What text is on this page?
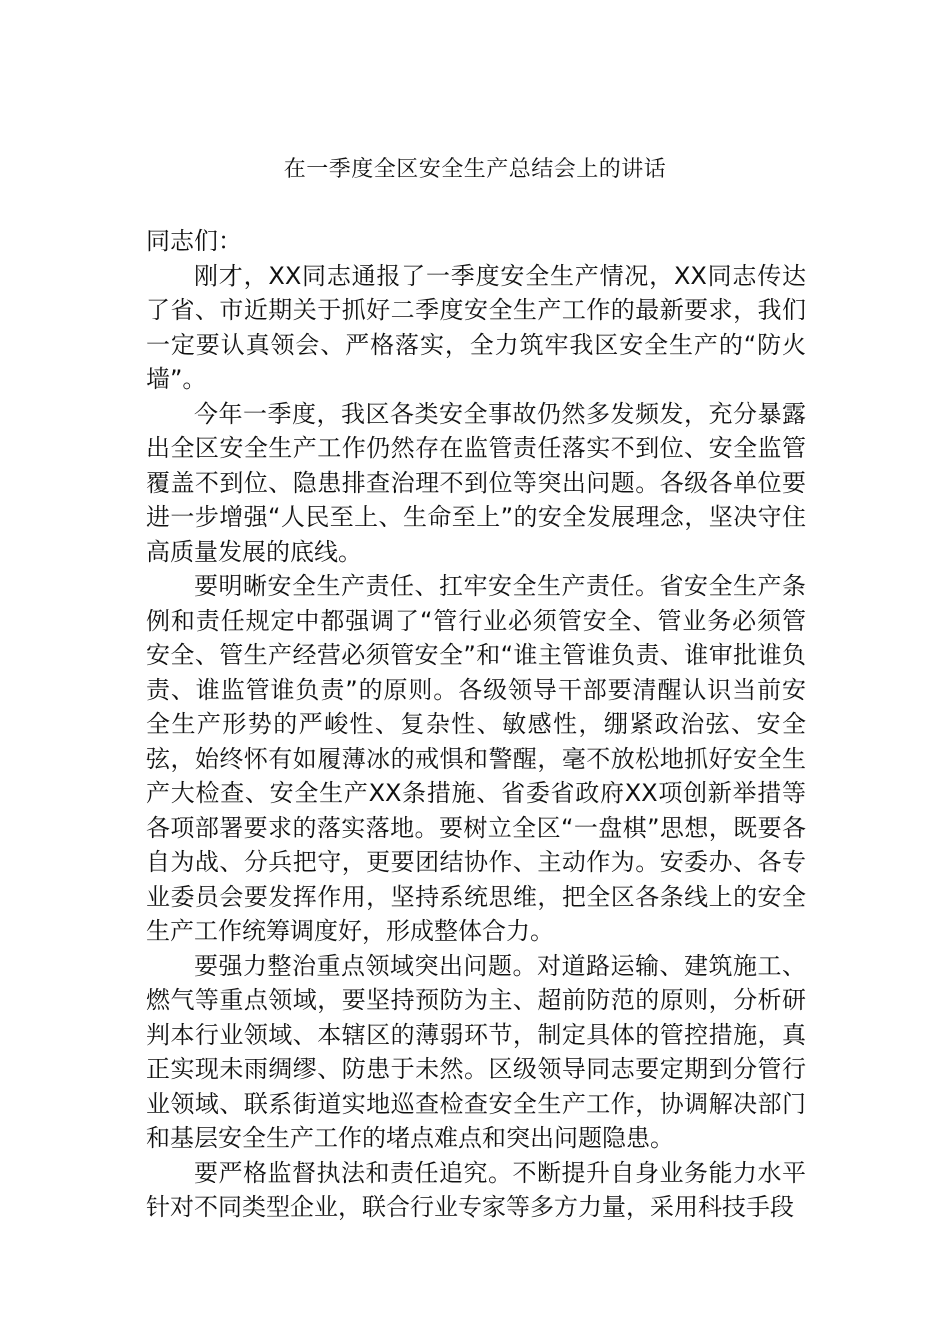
在一季度全区安全生产总结会上的讲话

同志们：

刚才，XX同志通报了一季度安全生产情况，XX同志传达了省、市近期关于抓好二季度安全生产工作的最新要求，我们一定要认真领会、严格落实，全力筑牢我区安全生产的“防火墙”。

今年一季度，我区各类安全事故仍然多发频发，充分暴露出全区安全生产工作仍然存在监管责任落实不到位、安全监管覆盖不到位、隐患排查治理不到位等突出问题。各级各单位要进一步增强“人民至上、生命至上”的安全发展理念，坚决守住高质量发展的底线。

要明晰安全生产责任、扛牢安全生产责任。省安全生产条例和责任规定中都强调了“管行业必须管安全、管业务必须管安全、管生产经营必须管安全”和“谁主管谁负责、谁审批谁负责、谁监管谁负责”的原则。各级领导干部要清醒认识当前安全生产形势的严峻性、复杂性、敏感性，绷紧政治弦、安全弦，始终怀有如履薄冰的戒惧和警醒，毫不放松地抓好安全生产大检查、安全生产XX条措施、省委省政府XX项创新举措等各项部署要求的落实落地。要树立全区“一盘棋”思想，既要各自为战、分兵把守，更要团结协作、主动作为。安委办、各专业委员会要发挥作用，坚持系统思维，把全区各条线上的安全生产工作统筹调度好，形成整体合力。

要强力整治重点领域突出问题。对道路运输、建筑施工、燃气等重点领域，要坚持预防为主、超前防范的原则，分析研判本行业领域、本辖区的薄弱环节，制定具体的管控措施，真正实现未雨绸缪、防患于未然。区级领导同志要定期到分管行业领域、联系街道实地巡查检查安全生产工作，协调解决部门和基层安全生产工作的堵点难点和突出问题隐患。

要严格监督执法和责任追究。不断提升自身业务能力水平针对不同类型企业，联合行业专家等多方力量，采用科技手段
